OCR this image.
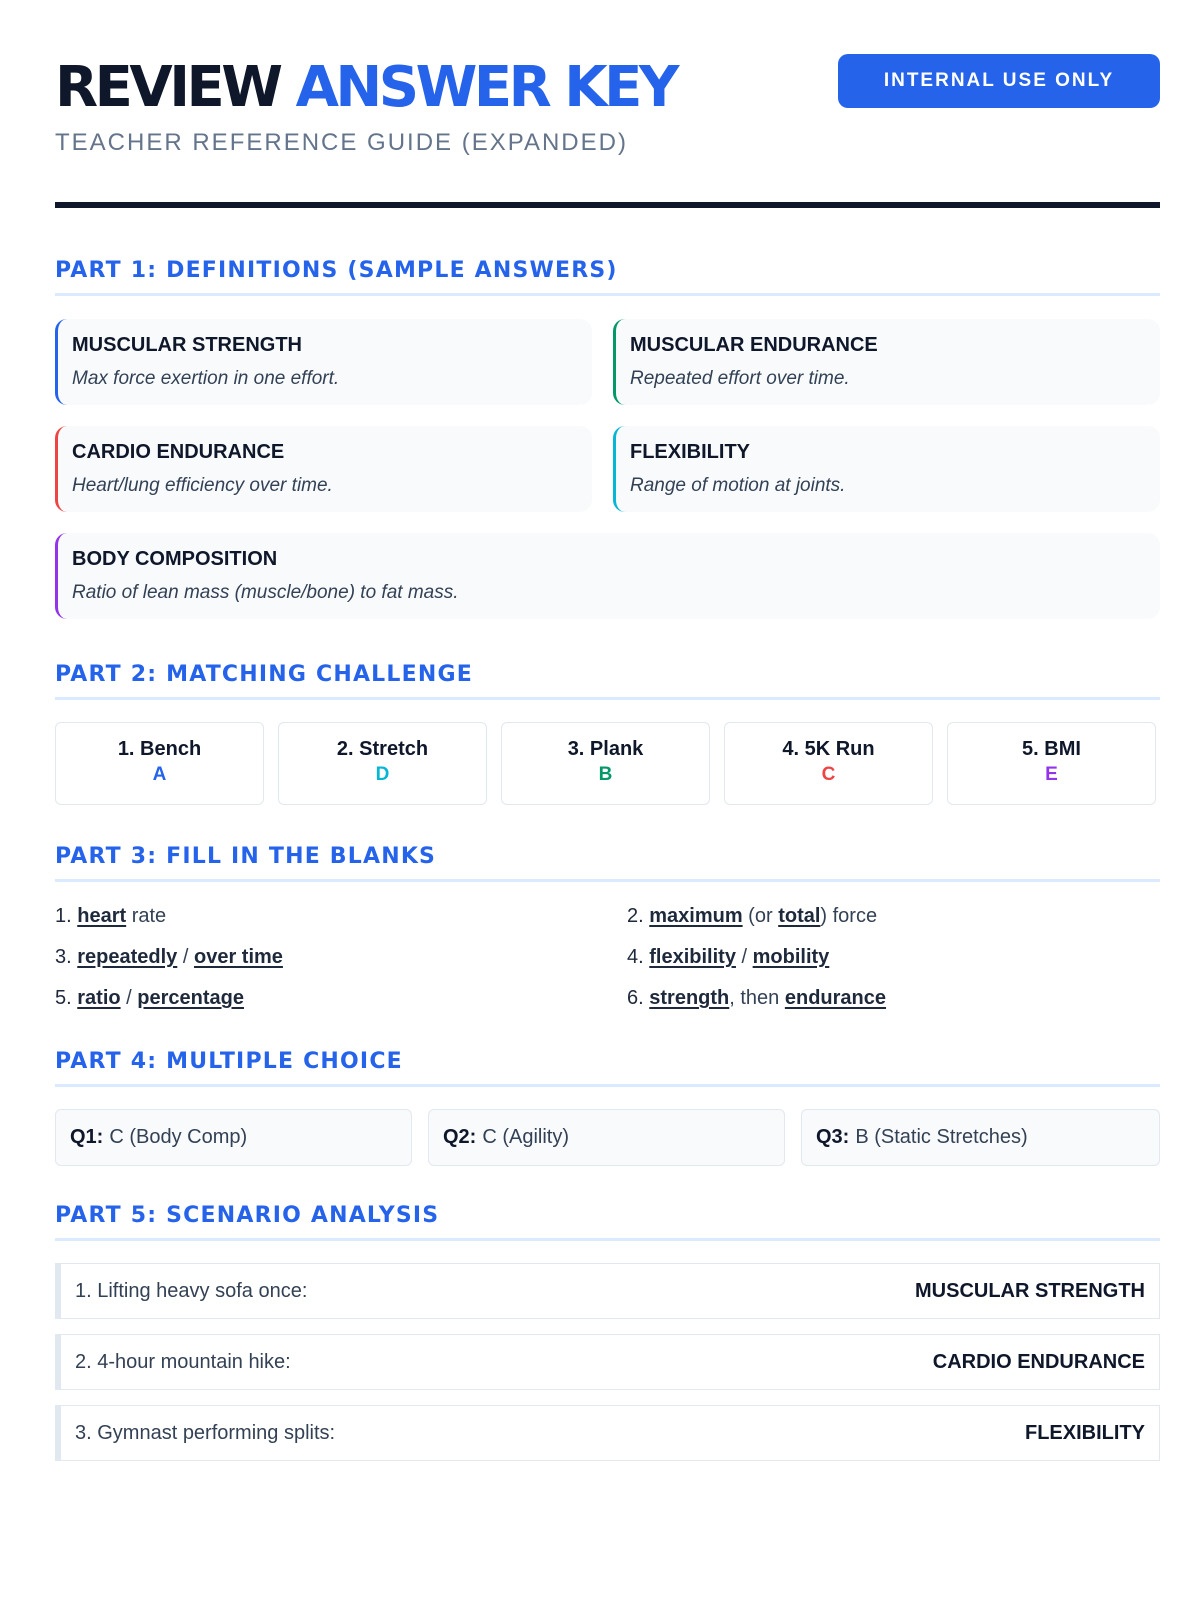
REVIEW ANSWER KEY
TEACHER REFERENCE GUIDE (EXPANDED)
INTERNAL USE ONLY
PART 1: DEFINITIONS (SAMPLE ANSWERS)
MUSCULAR STRENGTH
Max force exertion in one effort.
MUSCULAR ENDURANCE
Repeated effort over time.
CARDIO ENDURANCE
Heart/lung efficiency over time.
FLEXIBILITY
Range of motion at joints.
BODY COMPOSITION
Ratio of lean mass (muscle/bone) to fat mass.
PART 2: MATCHING CHALLENGE
1. Bench
A
2. Stretch
D
3. Plank
B
4. 5K Run
C
5. BMI
E
PART 3: FILL IN THE BLANKS
1. heart rate	2. maximum (or total) force
3. repeatedly / over time	4. flexibility / mobility
5. ratio / percentage	6. strength, then endurance
PART 4: MULTIPLE CHOICE
Q1: C (Body Comp)	Q2: C (Agility)	Q3: B (Static Stretches)
PART 5: SCENARIO ANALYSIS
1. Lifting heavy sofa once:	MUSCULAR STRENGTH
2. 4-hour mountain hike:	CARDIO ENDURANCE
3. Gymnast performing splits:	FLEXIBILITY
